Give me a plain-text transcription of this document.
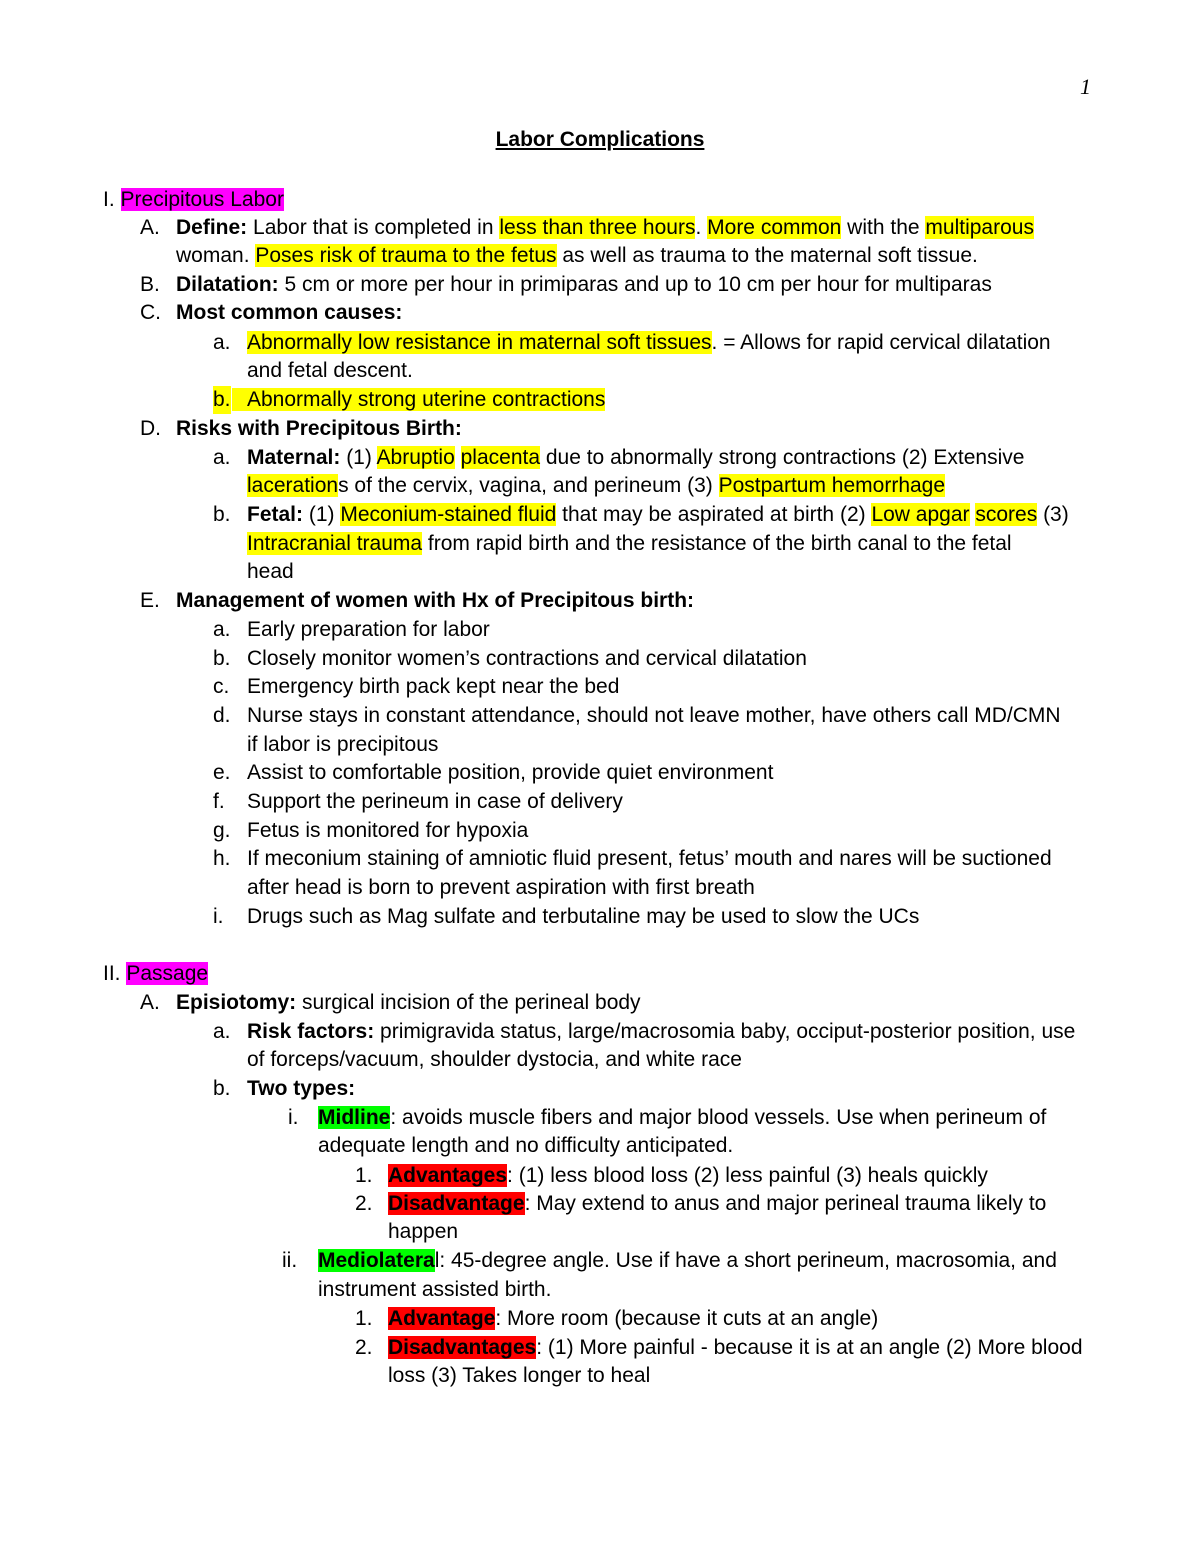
1
Labor Complications
I. Precipitous Labor
A. Define: Labor that is completed in less than three hours. More common with the multiparous
woman. Poses risk of trauma to the fetus as well as trauma to the maternal soft tissue.
B. Dilatation: 5 cm or more per hour in primiparas and up to 10 cm per hour for multiparas
C. Most common causes:
a. Abnormally low resistance in maternal soft tissues. = Allows for rapid cervical dilatation
and fetal descent.
b. Abnormally strong uterine contractions
D. Risks with Precipitous Birth:
a. Maternal: (1) Abruptio placenta due to abnormally strong contractions (2) Extensive
lacerations of the cervix, vagina, and perineum (3) Postpartum hemorrhage
b. Fetal: (1) Meconium-stained fluid that may be aspirated at birth (2) Low apgar scores (3)
Intracranial trauma from rapid birth and the resistance of the birth canal to the fetal
head
E. Management of women with Hx of Precipitous birth:
a. Early preparation for labor
b. Closely monitor women’s contractions and cervical dilatation
c. Emergency birth pack kept near the bed
d. Nurse stays in constant attendance, should not leave mother, have others call MD/CMN
if labor is precipitous
e. Assist to comfortable position, provide quiet environment
f. Support the perineum in case of delivery
g. Fetus is monitored for hypoxia
h. If meconium staining of amniotic fluid present, fetus’ mouth and nares will be suctioned
after head is born to prevent aspiration with first breath
i. Drugs such as Mag sulfate and terbutaline may be used to slow the UCs
II. Passage
A. Episiotomy: surgical incision of the perineal body
a. Risk factors: primigravida status, large/macrosomia baby, occiput-posterior position, use
of forceps/vacuum, shoulder dystocia, and white race
b. Two types:
i. Midline: avoids muscle fibers and major blood vessels. Use when perineum of
adequate length and no difficulty anticipated.
1. Advantages: (1) less blood loss (2) less painful (3) heals quickly
2. Disadvantage: May extend to anus and major perineal trauma likely to
happen
ii. Mediolateral: 45-degree angle. Use if have a short perineum, macrosomia, and
instrument assisted birth.
1. Advantage: More room (because it cuts at an angle)
2. Disadvantages: (1) More painful - because it is at an angle (2) More blood
loss (3) Takes longer to heal
